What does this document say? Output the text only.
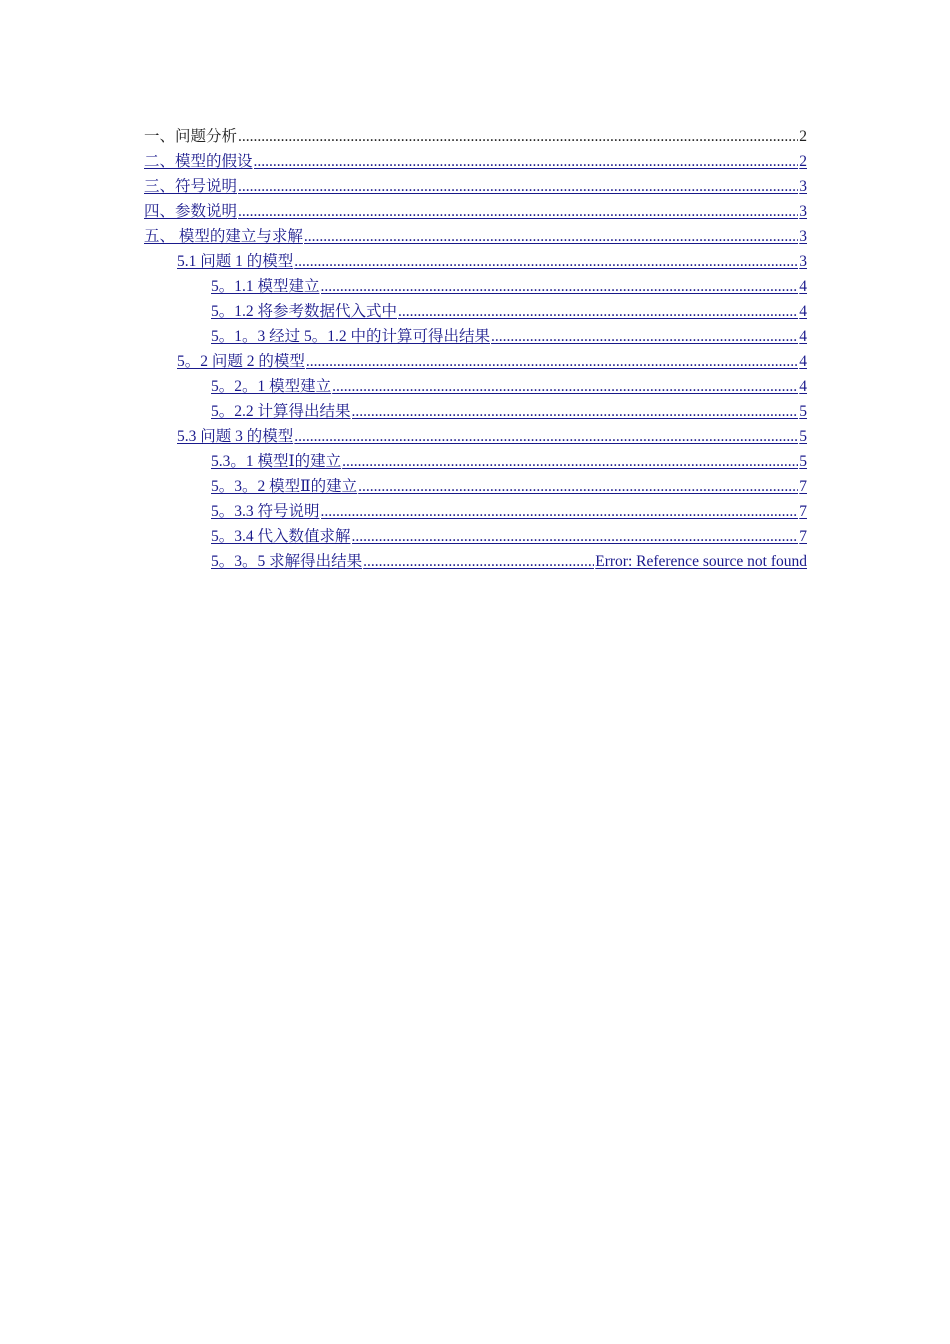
一、问题分析 .....	2
二、模型的假设 .....	2
三、符号说明 .....	3
四、参数说明 .....	3
五、 模型的建立与求解 .....	3
5.1 问题 1 的模型 .....	3
5。1.1 模型建立 .....	4
5。1.2 将参考数据代入式中 .....	4
5。1。3 经过 5。1.2 中的计算可得出结果 .....	4
5。2 问题 2 的模型 .....	4
5。2。1 模型建立 .....	4
5。2.2 计算得出结果 .....	5
5.3 问题 3 的模型 .....	5
5.3。1 模型Ⅰ的建立 .....	5
5。3。2 模型Ⅱ的建立 .....	7
5。3.3 符号说明 .....	7
5。3.4 代入数值求解 .....	7
5。3。5 求解得出结果 .....	Error: Reference source not found
